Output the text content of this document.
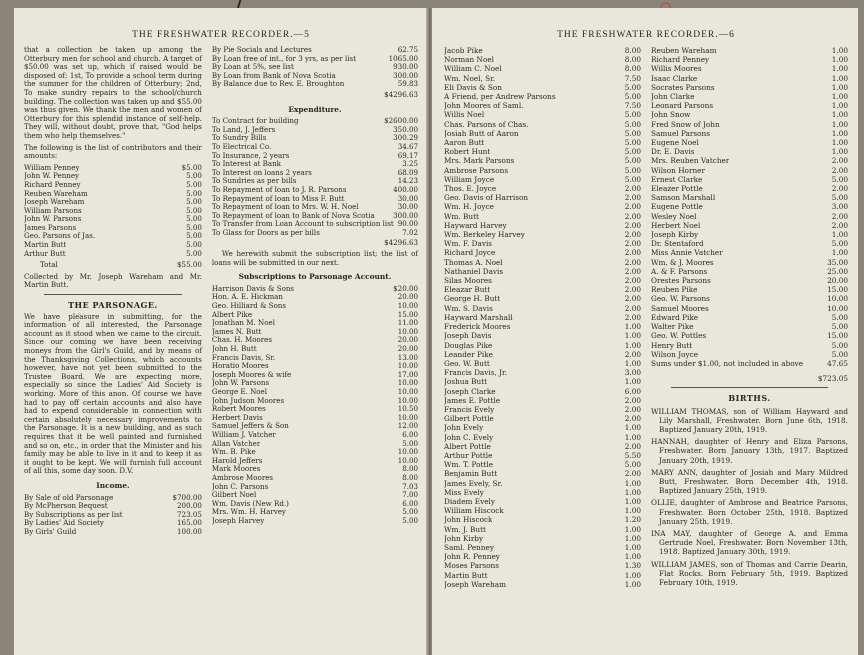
THE FRESHWATER RECORDER.—5

that a collection be taken up among the Otterbury men for school and church. A target of $50.00 was set up, which if raised would be disposed of: 1st, To provide a school term during the summer for the children of Otterbury; 2nd, To make sundry repairs to the school/church building. The collection was taken up and $55.00 was thus given. We thank the men and women of Otterbury for this splendid instance of self-help. They will, without doubt, prove that, "God helps them who help themselves."

The following is the list of contributors and their amounts:

William Penney	$5.00
John W. Penney	5.00
Richard Penney	5.00
Reuben Wareham	5.00
Joseph Wareham	5.00
William Parsons	5.00
John W. Parsons	5.00
James Parsons	5.00
Geo. Parsons of Jas.	5.00
Martin Butt	5.00
Arthur Butt	5.00
Total	$55.00

Collected by Mr. Joseph Wareham and Mr. Martin Butt.

THE PARSONAGE.

We have pleasure in submitting, for the information of all interested, the Parsonage account as it stood when we came to the circuit. Since our coming we have been receiving moneys from the Girl's Guild, and by means of the Thanksgiving Collections, which accounts however, have not yet been submitted to the Trustee Board. We are expecting more, especially so since the Ladies' Aid Society is working. More of this anon. Of course we have had to pay off certain accounts and also have had to expend considerable in connection with certain absolutely necessary improvements to the Parsonage. It is a new building, and as such requires that it be well painted and furnished and so on, etc., in order that the Minister and his family may be able to live in it and to keep it as it ought to be kept. We will furnish full account of all this, some day soon. D.V.

Income.
By Sale of old Parsonage	$700.00
By McPherson Bequest	200.00
By Subscriptions as per list	723.05
By Ladies' Aid Society	165.00
By Girls' Guild	100.00
By Pie Socials and Lectures	62.75
By Loan free of int., for 3 yrs, as per list	1065.00
By Loan at 5%, see list	930.00
By Loan from Bank of Nova Scotia	300.00
By Balance due to Rev. E. Broughton	59.83
$4296.63
Expenditure.
To Contract for building	$2600.00
To Land, J. Jeffers	350.00
To Sundry Bills	300.29
To Electrical Co.	34.67
To Insurance, 2 years	69.17
To Interest at Bank	3.25
To Interest on loans 2 years	68.09
To Sundries as per bills	14.23
To Repayment of loan to J. R. Parsons	400.00
To Repayment of loan to Miss F. Butt	30.00
To Repayment of loan to Mrs. W. H. Noel	30.00
To Repayment of loan to Bank of Nova Scotia	300.00
To Transfer from Loan Account to subscription list 90.00
To Glass for Doors as per bills	7.02
$4296.63

We herewith submit the subscription list; the list of loans will be submitted in our next.

Subscriptions to Parsonage Account.
Harrison Davis & Sons	$20.00
Hon. A. E. Hickman	20.00
Geo. Hilliard & Sons	10.00
Albert Pike	15.00
Jonathan M. Noel	11.00
James N. Butt	10.00
Chas. H. Moores	20.00
John H. Butt	20.00
Francis Davis, Sr.	13.00
Horatio Moores	10.00
Joseph Moores & wife	17.00
John W. Parsons	10.00
George E. Noel	10.00
John Judson Moores	10.00
Robert Moores	10.50
Herbert Davis	10.00
Samuel Jeffers & Son	12.00
William J. Vatcher	6.00
Allan Vatcher	5.00
Wm. B. Pike	10.00
Harold Jeffers	10.00
Mark Moores	8.00
Ambrose Moores	8.00
John C. Parsons	7.03
Gilbert Noel	7.00
Wm. Davis (New Rd.)	6.00
Mrs. Wm. H. Harvey	5.00
Joseph Harvey	5.00
THE FRESHWATER RECORDER.—6
Jacob Pike	8.00
Norman Noel	8.00
William C. Noel	8.00
Wm. Noel, Sr.	7.50
Eli Davis & Son	5.00
A Friend, per Andrew Parsons	5.00
John Moores of Saml.	7.50
Willis Noel	5.00
Chas. Parsons of Chas.	5.00
Josiah Butt of Aaron	5.00
Aaron Butt	5.00
Robert Hunt	5.00
Mrs. Mark Parsons	5.00
Ambrose Parsons	5.00
William Joyce	5.00
Thos. E. Joyce	2.00
Geo. Davis of Harrison	2.00
Wm. H. Joyce	2.00
Wm. Butt	2.00
Hayward Harvey	2.00
Wm. Berkeley Harvey	2.00
Wm. F. Davis	2.00
Richard Joyce	2.00
Thomas A. Noel	2.00
Nathaniel Davis	2.00
Silas Moores	2.00
Eleazar Butt	2.00
George H. Butt	2.00
Wm. S. Davis	2.00
Hayward Marshall	2.00
Frederick Moores	1.00
Joseph Davis	1.00
Douglas Pike	1.00
Leander Pike	2.00
Geo. W. Butt	1.00
Francis Davis, Jr.	3.00
Joshua Butt	1.00
Joseph Clarke	6.00
James E. Pottle	2.00
Francis Evely	2.00
Gilbert Pottle	2.00
John Evely	1.00
John C. Evely	1.00
Albert Pottle	2.00
Arthur Pottle	5.50
Wm. T. Pottle	5.00
Benjamin Butt	2.00
James Evely, Sr.	1.00
Miss Evely	1.00
Diadem Evely	1.00
William Hiscock	1.00
John Hiscock	1.20
Wm. J. Butt	1.00
John Kirby	1.00
Saml. Penney	1.00
John R. Penney	1.00
Moses Parsons	1.30
Martin Butt	1.00
Joseph Wareham	1.00
Reuben Wareham	1.00
Richard Penney	1.00
Willis Moores	1.00
Isaac Clarke	1.00
Socrates Parsons	1.00
John Clarke	1.00
Leonard Parsons	1.00
John Snow	1.00
Fred Snow of John	1.00
Samuel Parsons	1.00
Eugene Noel	1.00
Dr. E. Davis	1.00
Mrs. Reuben Vatcher	2.00
Wilson Horner	2.00
Ernest Clarke	5.00
Eleazer Pottle	2.00
Samson Marshall	5.00
Eugene Pottle	3.00
Wesley Noel	2.00
Herbert Noel	2.00
Joseph Kirby	1.00
Dr. Stentaford	5.00
Miss Annie Vatcher	1.00
Wm. & J. Moores	35.00
A. & F. Parsons	25.00
Orestes Parsons	20.00
Reuben Pike	15.00
Geo. W. Parsons	10.00
Samuel Moores	10.00
Edward Pike	5.00
Walter Pike	5.00
Geo. W. Pottles	15.00
Henry Butt	5.00
Wilson Joyce	5.00
Sums under $1.00, not included in above	47.65
$723.05
BIRTHS.

WILLIAM THOMAS, son of William Hayward and Lily Marshall, Freshwater. Born June 6th, 1918. Baptized January 20th, 1919.

HANNAH, daughter of Henry and Eliza Parsons, Freshwater. Born January 13th, 1917. Baptized January 20th, 1919.

MARY ANN, daughter of Josiah and Mary Mildred Butt, Freshwater. Born December 4th, 1918. Baptized January 25th, 1919.

OLLIE, daughter of Ambrose and Beatrice Parsons, Freshwater. Born October 25th, 1918. Baptized January 25th, 1919.

INA MAY, daughter of George A. and Emma Gertrude Noel, Freshwater. Born November 13th, 1918. Baptized January 30th, 1919.

WILLIAM JAMES, son of Thomas and Carrie Dearin, Flat Rocks. Born February 5th, 1919. Baptized February 10th, 1919.
